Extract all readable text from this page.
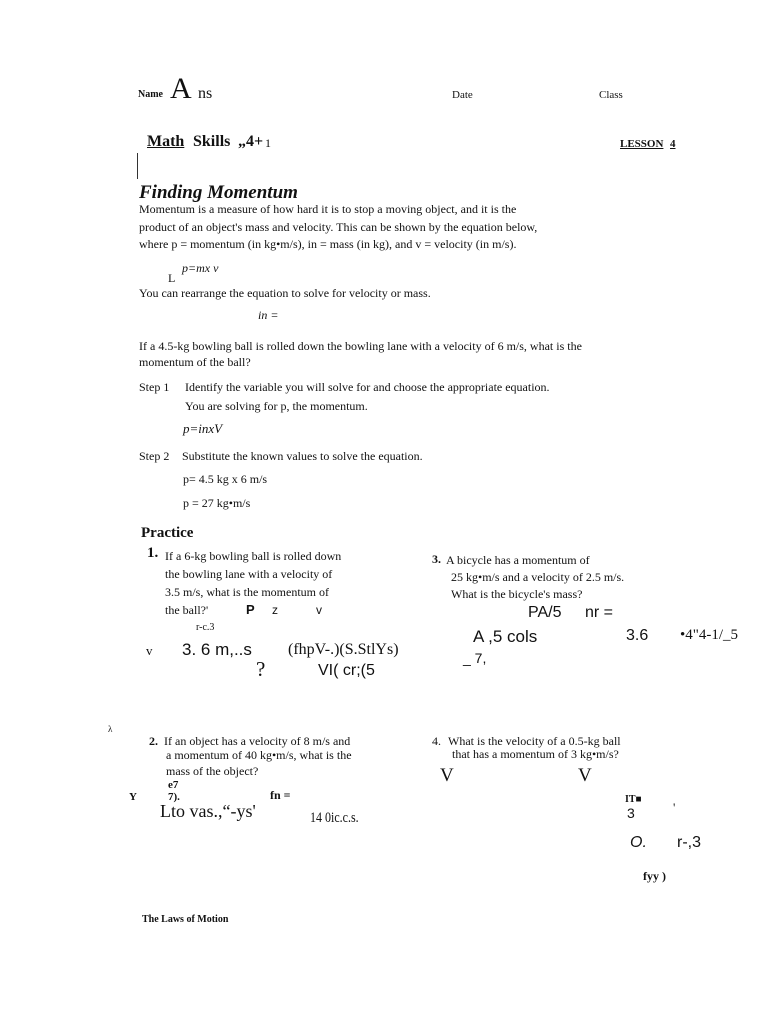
Name A ns	Date	Class
Math Skills „4+ 1	LESSON 4
Finding Momentum
Momentum is a measure of how hard it is to stop a moving object, and it is the
product of an object's mass and velocity. This can be shown by the equation below,
where p = momentum (in kg•m/s), in = mass (in kg), and v = velocity (in m/s).
p=mx v
L
You can rearrange the equation to solve for velocity or mass.
in =
If a 4.5-kg bowling ball is rolled down the bowling lane with a velocity of 6 m/s, what is the
momentum of the ball?
Step 1 Identify the variable you will solve for and choose the appropriate equation.
You are solving for p, the momentum.
p=inxV
Step 2 Substitute the known values to solve the equation.
p= 4.5 kg x 6 m/s
p = 27 kg•m/s
Practice
1. If a 6-kg bowling ball is rolled down
the bowling lane with a velocity of
3.5 m/s, what is the momentum of
the ball?'	P z	v
r-c.3
v 3. 6 m,..s (fhpV-.)(S.StlYs)
?	VI( cr;(5
3. A bicycle has a momentum of
25 kg•m/s and a velocity of 2.5 m/s.
What is the bicycle's mass?
PA/5 nr =
A ,5 cols	3.6 •4"4-1/_5
_ 7,
λ
2. If an object has a velocity of 8 m/s and
a momentum of 40 kg•m/s, what is the
mass of the object?
e7
Y	7).	fn =
Lto vas.,“-ys'	14 0ic.c.s.
4. What is the velocity of a 0.5-kg ball
that has a momentum of 3 kg•m/s?
V	V
IT■
3	'
O. r-,3
fyy )
The Laws of Motion
